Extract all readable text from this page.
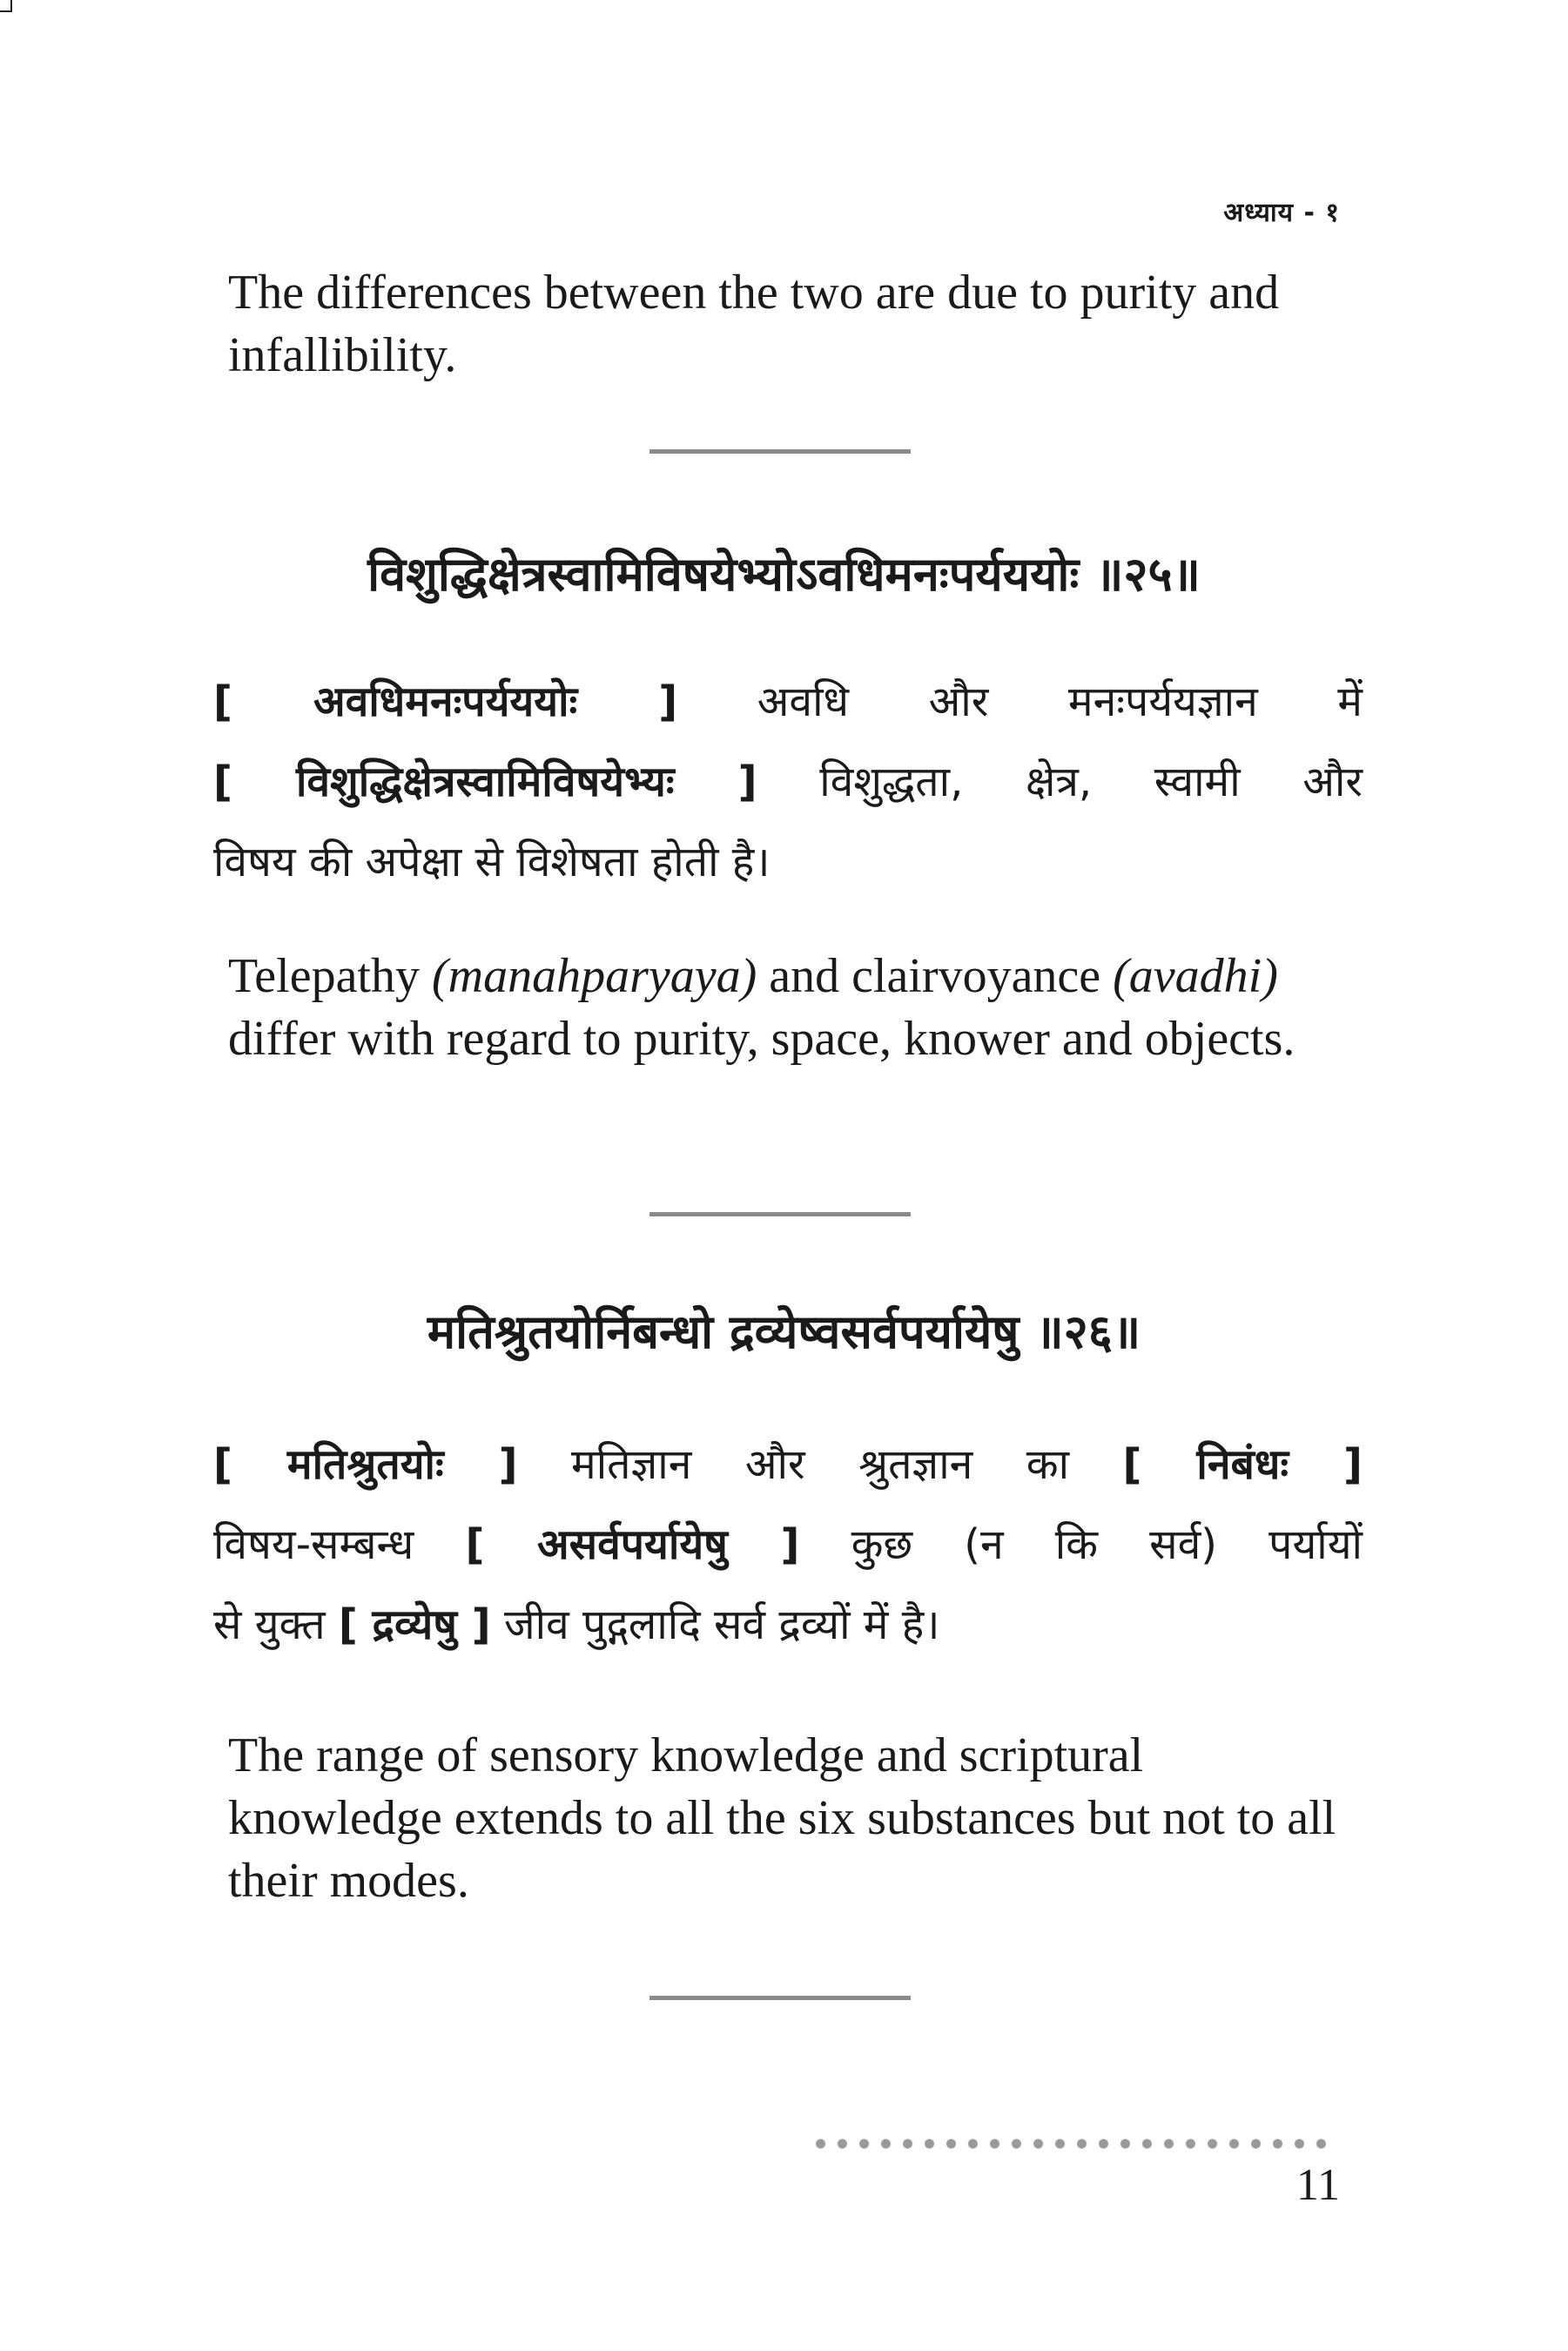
अध्याय - १

The differences between the two are due to purity and infallibility.

विशुद्धिक्षेत्रस्वामिविषयेभ्योऽवधिमनःपर्यययोः ॥२५॥

[ अवधिमनःपर्यययोः ] अवधि और मनःपर्ययज्ञान में
[ विशुद्धिक्षेत्रस्वामिविषयेभ्यः ] विशुद्धता, क्षेत्र, स्वामी और
विषय की अपेक्षा से विशेषता होती है।

Telepathy (manahparyaya) and clairvoyance (avadhi) differ with regard to purity, space, knower and objects.

मतिश्रुतयोर्निबन्धो द्रव्येष्वसर्वपर्यायेषु ॥२६॥

[ मतिश्रुतयोः ] मतिज्ञान और श्रुतज्ञान का [ निबंधः ]
विषय-सम्बन्ध [ असर्वपर्यायेषु ] कुछ (न कि सर्व) पर्यायों
से युक्त [ द्रव्येषु ] जीव पुद्गलादि सर्व द्रव्यों में है।

The range of sensory knowledge and scriptural knowledge extends to all the six substances but not to all their modes.

11
